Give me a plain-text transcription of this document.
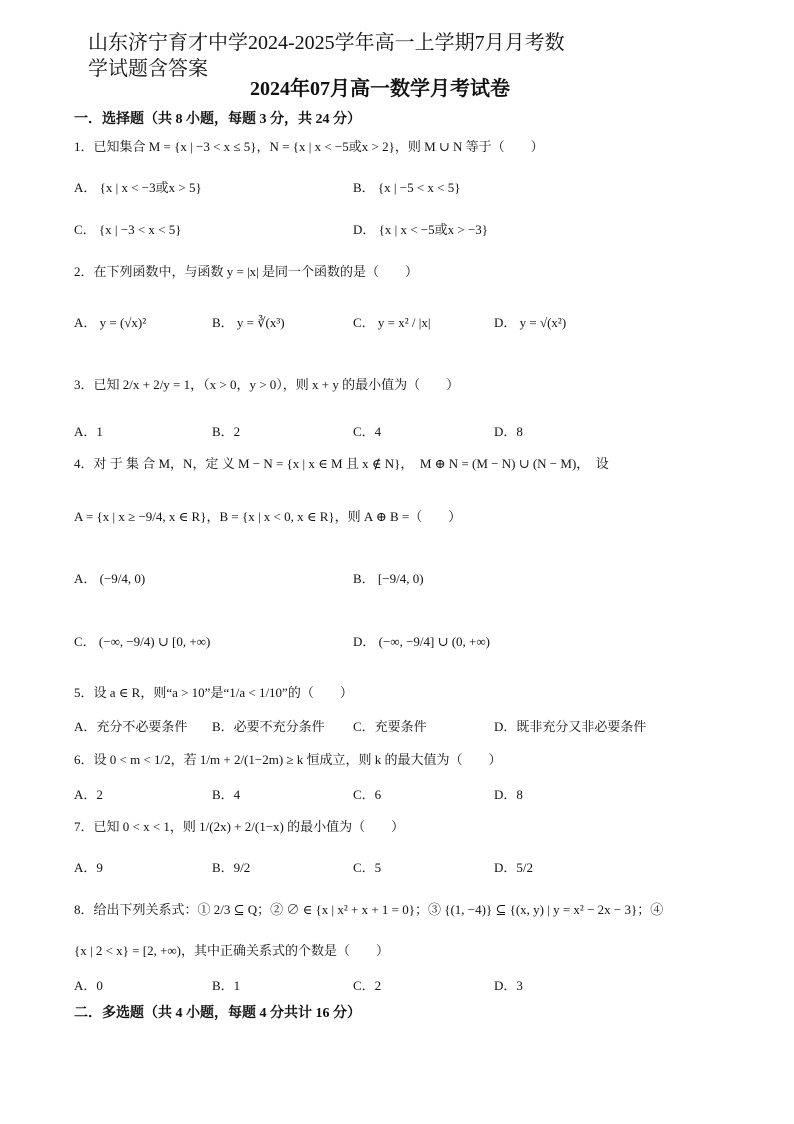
山东济宁育才中学2024-2025学年高一上学期7月月考数
学试题含答案
2024年07月高一数学月考试卷
一．选择题（共 8 小题，每题 3 分，共 24 分）
1．已知集合 M = {x | −3 < x ≤ 5}，N = {x | x < −5或x > 2}，则 M ∪ N 等于（　　）
A． {x | x < −3或x > 5}	B． {x | −5 < x < 5}
C． {x | −3 < x < 5}	D． {x | x < −5或x > −3}
2．在下列函数中，与函数 y = |x| 是同一个函数的是（　　）
A． y = (√x)²	B． y = ∛(x³)	C． y = x² / |x|	D． y = √(x²)
3．已知 2/x + 2/y = 1，（x > 0，y > 0），则 x + y 的最小值为（　　）
A．1	B．2	C．4	D．8
4．对 于 集 合 M，N，定 义 M − N = {x | x ∈ M 且 x ∉ N}，　M ⊕ N = (M − N) ∪ (N − M)，　设
A = {x | x ≥ −9/4, x ∈ R}，B = {x | x < 0, x ∈ R}，则 A ⊕ B =（　　）
A． (−9/4, 0)	B． [−9/4, 0)
C． (−∞, −9/4) ∪ [0, +∞)	D． (−∞, −9/4] ∪ (0, +∞)
5．设 a ∈ R，则“a > 10”是“1/a < 1/10”的（　　）
A．充分不必要条件 B．必要不充分条件 C．充要条件	D．既非充分又非必要条件
6．设 0 < m < 1/2，若 1/m + 2/(1−2m) ≥ k 恒成立，则 k 的最大值为（　　）
A．2	B．4	C．6	D．8
7．已知 0 < x < 1，则 1/(2x) + 2/(1−x) 的最小值为（　　）
A．9	B．9/2	C．5	D．5/2
8．给出下列关系式：① 2/3 ⊆ Q；② ∅ ∈ {x | x² + x + 1 = 0}；③ {(1, −4)} ⊆ {(x, y) | y = x² − 2x − 3}；④
{x | 2 < x} = [2, +∞)，其中正确关系式的个数是（　　）
A．0	B．1	C．2	D．3
二．多选题（共 4 小题，每题 4 分共计 16 分）
